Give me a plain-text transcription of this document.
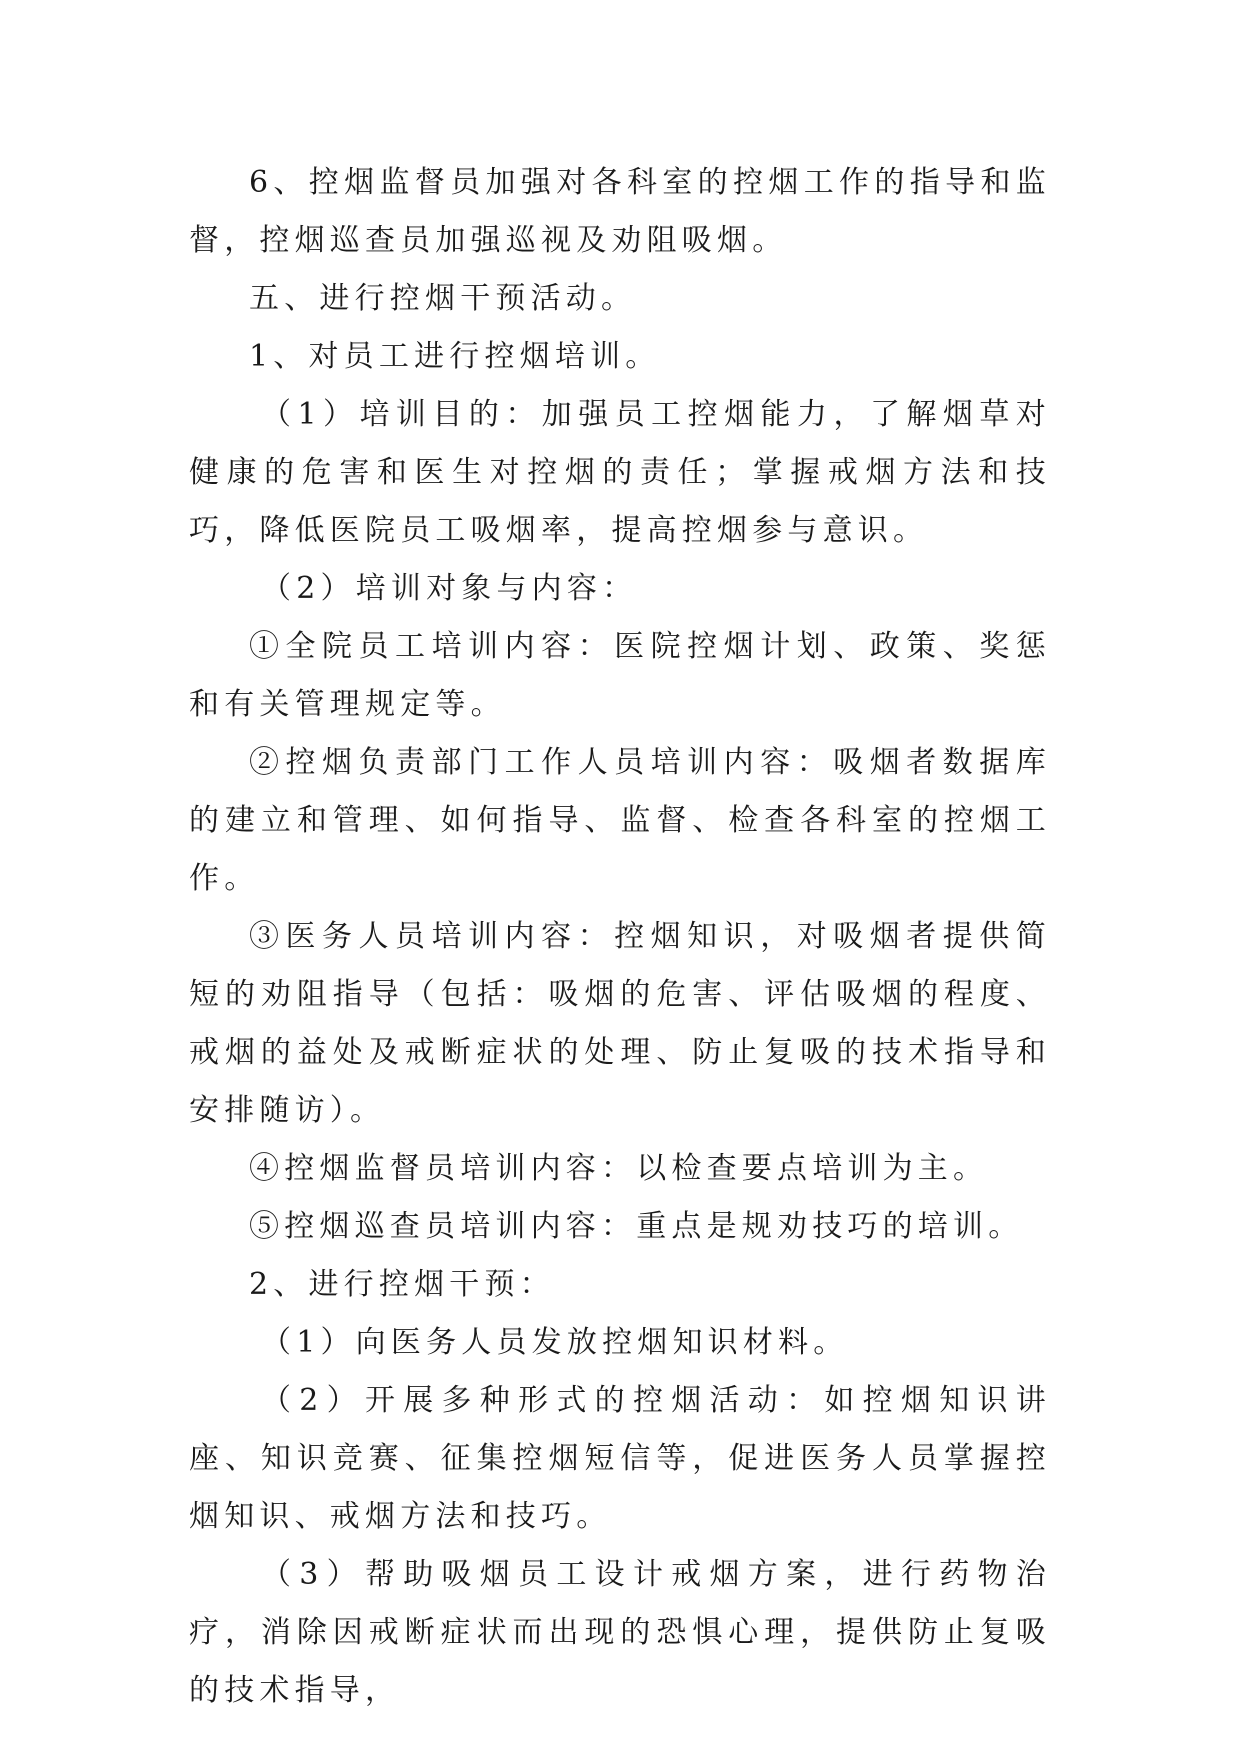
6、控烟监督员加强对各科室的控烟工作的指导和监督，控烟巡查员加强巡视及劝阻吸烟。

五、进行控烟干预活动。

1、对员工进行控烟培训。

（1）培训目的：加强员工控烟能力，了解烟草对健康的危害和医生对控烟的责任；掌握戒烟方法和技巧，降低医院员工吸烟率，提高控烟参与意识。

（2）培训对象与内容：

①全院员工培训内容：医院控烟计划、政策、奖惩和有关管理规定等。

②控烟负责部门工作人员培训内容：吸烟者数据库的建立和管理、如何指导、监督、检查各科室的控烟工作。

③医务人员培训内容：控烟知识，对吸烟者提供简短的劝阻指导（包括：吸烟的危害、评估吸烟的程度、戒烟的益处及戒断症状的处理、防止复吸的技术指导和安排随访）。

④控烟监督员培训内容：以检查要点培训为主。

⑤控烟巡查员培训内容：重点是规劝技巧的培训。

2、进行控烟干预：

（1）向医务人员发放控烟知识材料。

（2）开展多种形式的控烟活动：如控烟知识讲座、知识竞赛、征集控烟短信等，促进医务人员掌握控烟知识、戒烟方法和技巧。

（3）帮助吸烟员工设计戒烟方案，进行药物治疗，消除因戒断症状而出现的恐惧心理，提供防止复吸的技术指导，
